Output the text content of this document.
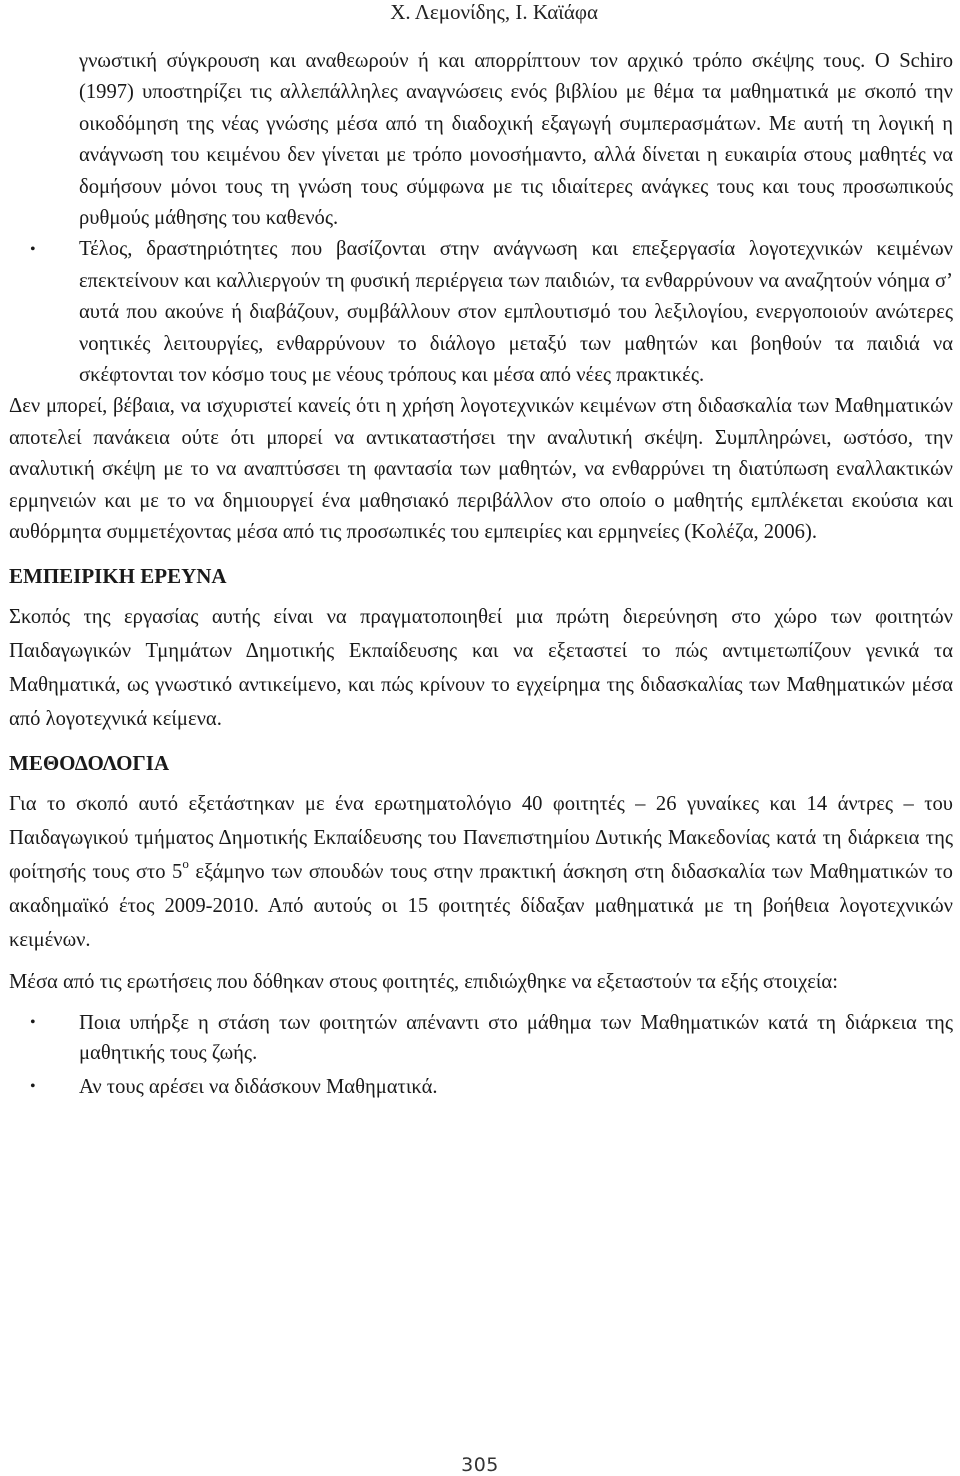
Χ. Λεμονίδης, Ι. Καϊάφα

γνωστική σύγκρουση και αναθεωρούν ή και απορρίπτουν τον αρχικό τρόπο σκέψης τους. Ο Schiro (1997) υποστηρίζει τις αλλεπάλληλες αναγνώσεις ενός βιβλίου με θέμα τα μαθηματικά με σκοπό την οικοδόμηση της νέας γνώσης μέσα από τη διαδοχική εξαγωγή συμπερασμάτων. Με αυτή τη λογική η ανάγνωση του κειμένου δεν γίνεται με τρόπο μονοσήμαντο, αλλά δίνεται η ευκαιρία στους μαθητές να δομήσουν μόνοι τους τη γνώση τους σύμφωνα με τις ιδιαίτερες ανάγκες τους και τους προσωπικούς ρυθμούς μάθησης του καθενός.

• Τέλος, δραστηριότητες που βασίζονται στην ανάγνωση και επεξεργασία λογοτεχνικών κειμένων επεκτείνουν και καλλιεργούν τη φυσική περιέργεια των παιδιών, τα ενθαρρύνουν να αναζητούν νόημα σ’ αυτά που ακούνε ή διαβάζουν, συμβάλλουν στον εμπλουτισμό του λεξιλογίου, ενεργοποιούν ανώτερες νοητικές λειτουργίες, ενθαρρύνουν το διάλογο μεταξύ των μαθητών και βοηθούν τα παιδιά να σκέφτονται τον κόσμο τους με νέους τρόπους και μέσα από νέες πρακτικές.

Δεν μπορεί, βέβαια, να ισχυριστεί κανείς ότι η χρήση λογοτεχνικών κειμένων στη διδασκαλία των Μαθηματικών αποτελεί πανάκεια ούτε ότι μπορεί να αντικαταστήσει την αναλυτική σκέψη. Συμπληρώνει, ωστόσο, την αναλυτική σκέψη με το να αναπτύσσει τη φαντασία των μαθητών, να ενθαρρύνει τη διατύπωση εναλλακτικών ερμηνειών και με το να δημιουργεί ένα μαθησιακό περιβάλλον στο οποίο ο μαθητής εμπλέκεται εκούσια και αυθόρμητα συμμετέχοντας μέσα από τις προσωπικές του εμπειρίες και ερμηνείες (Κολέζα, 2006).

ΕΜΠΕΙΡΙΚΗ ΕΡΕΥΝΑ

Σκοπός της εργασίας αυτής είναι να πραγματοποιηθεί μια πρώτη διερεύνηση στο χώρο των φοιτητών Παιδαγωγικών Τμημάτων Δημοτικής Εκπαίδευσης και να εξεταστεί το πώς αντιμετωπίζουν γενικά τα Μαθηματικά, ως γνωστικό αντικείμενο, και πώς κρίνουν το εγχείρημα της διδασκαλίας των Μαθηματικών μέσα από λογοτεχνικά κείμενα.

ΜΕΘΟΔΟΛΟΓΙΑ

Για το σκοπό αυτό εξετάστηκαν με ένα ερωτηματολόγιο 40 φοιτητές – 26 γυναίκες και 14 άντρες – του Παιδαγωγικού τμήματος Δημοτικής Εκπαίδευσης του Πανεπιστημίου Δυτικής Μακεδονίας κατά τη διάρκεια της φοίτησής τους στο $5^o$ εξάμηνο των σπουδών τους στην πρακτική άσκηση στη διδασκαλία των Μαθηματικών το ακαδημαϊκό έτος 2009-2010. Από αυτούς οι 15 φοιτητές δίδαξαν μαθηματικά με τη βοήθεια λογοτεχνικών κειμένων.

Μέσα από τις ερωτήσεις που δόθηκαν στους φοιτητές, επιδιώχθηκε να εξεταστούν τα εξής στοιχεία:

• Ποια υπήρξε η στάση των φοιτητών απέναντι στο μάθημα των Μαθηματικών κατά τη διάρκεια της μαθητικής τους ζωής.
• Αν τους αρέσει να διδάσκουν Μαθηματικά.
305
